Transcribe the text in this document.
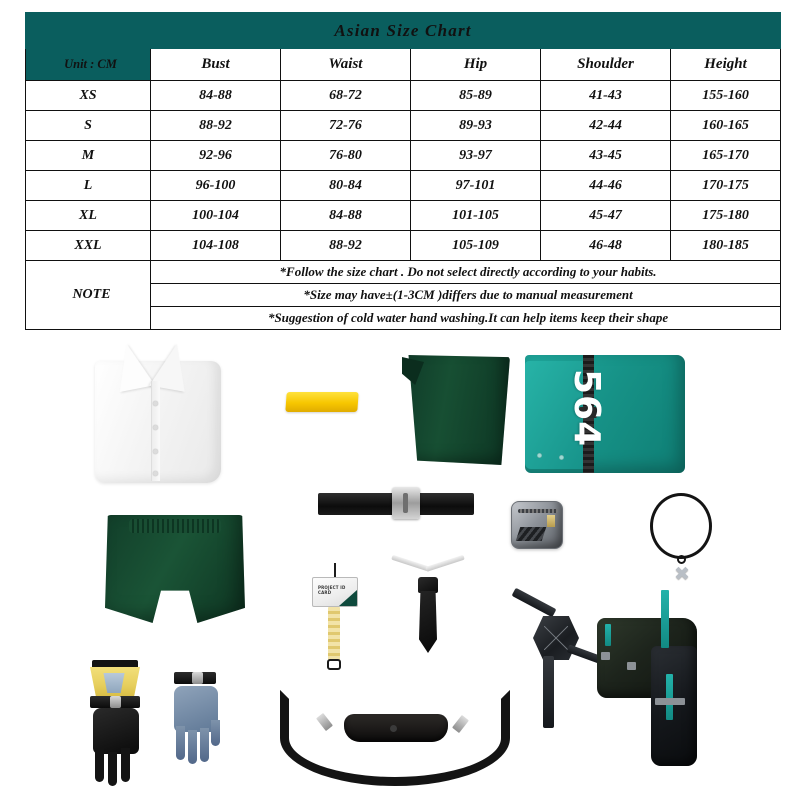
Asian Size Chart					
Unit : CM	Bust	Waist	Hip	Shoulder	Height
XS	84-88	68-72	85-89	41-43	155-160
S	88-92	72-76	89-93	42-44	160-165
M	92-96	76-80	93-97	43-45	165-170
L	96-100	80-84	97-101	44-46	170-175
XL	100-104	84-88	101-105	45-47	175-180
XXL	104-108	88-92	105-109	46-48	180-185
NOTE	*Follow the size chart . Do not select directly according to your habits.				
	*Size may have±(1-3CM )differs due to manual measurement				
	*Suggestion of cold water hand washing.It can help items keep their shape				
564
✖
PROJECT ID CARD
